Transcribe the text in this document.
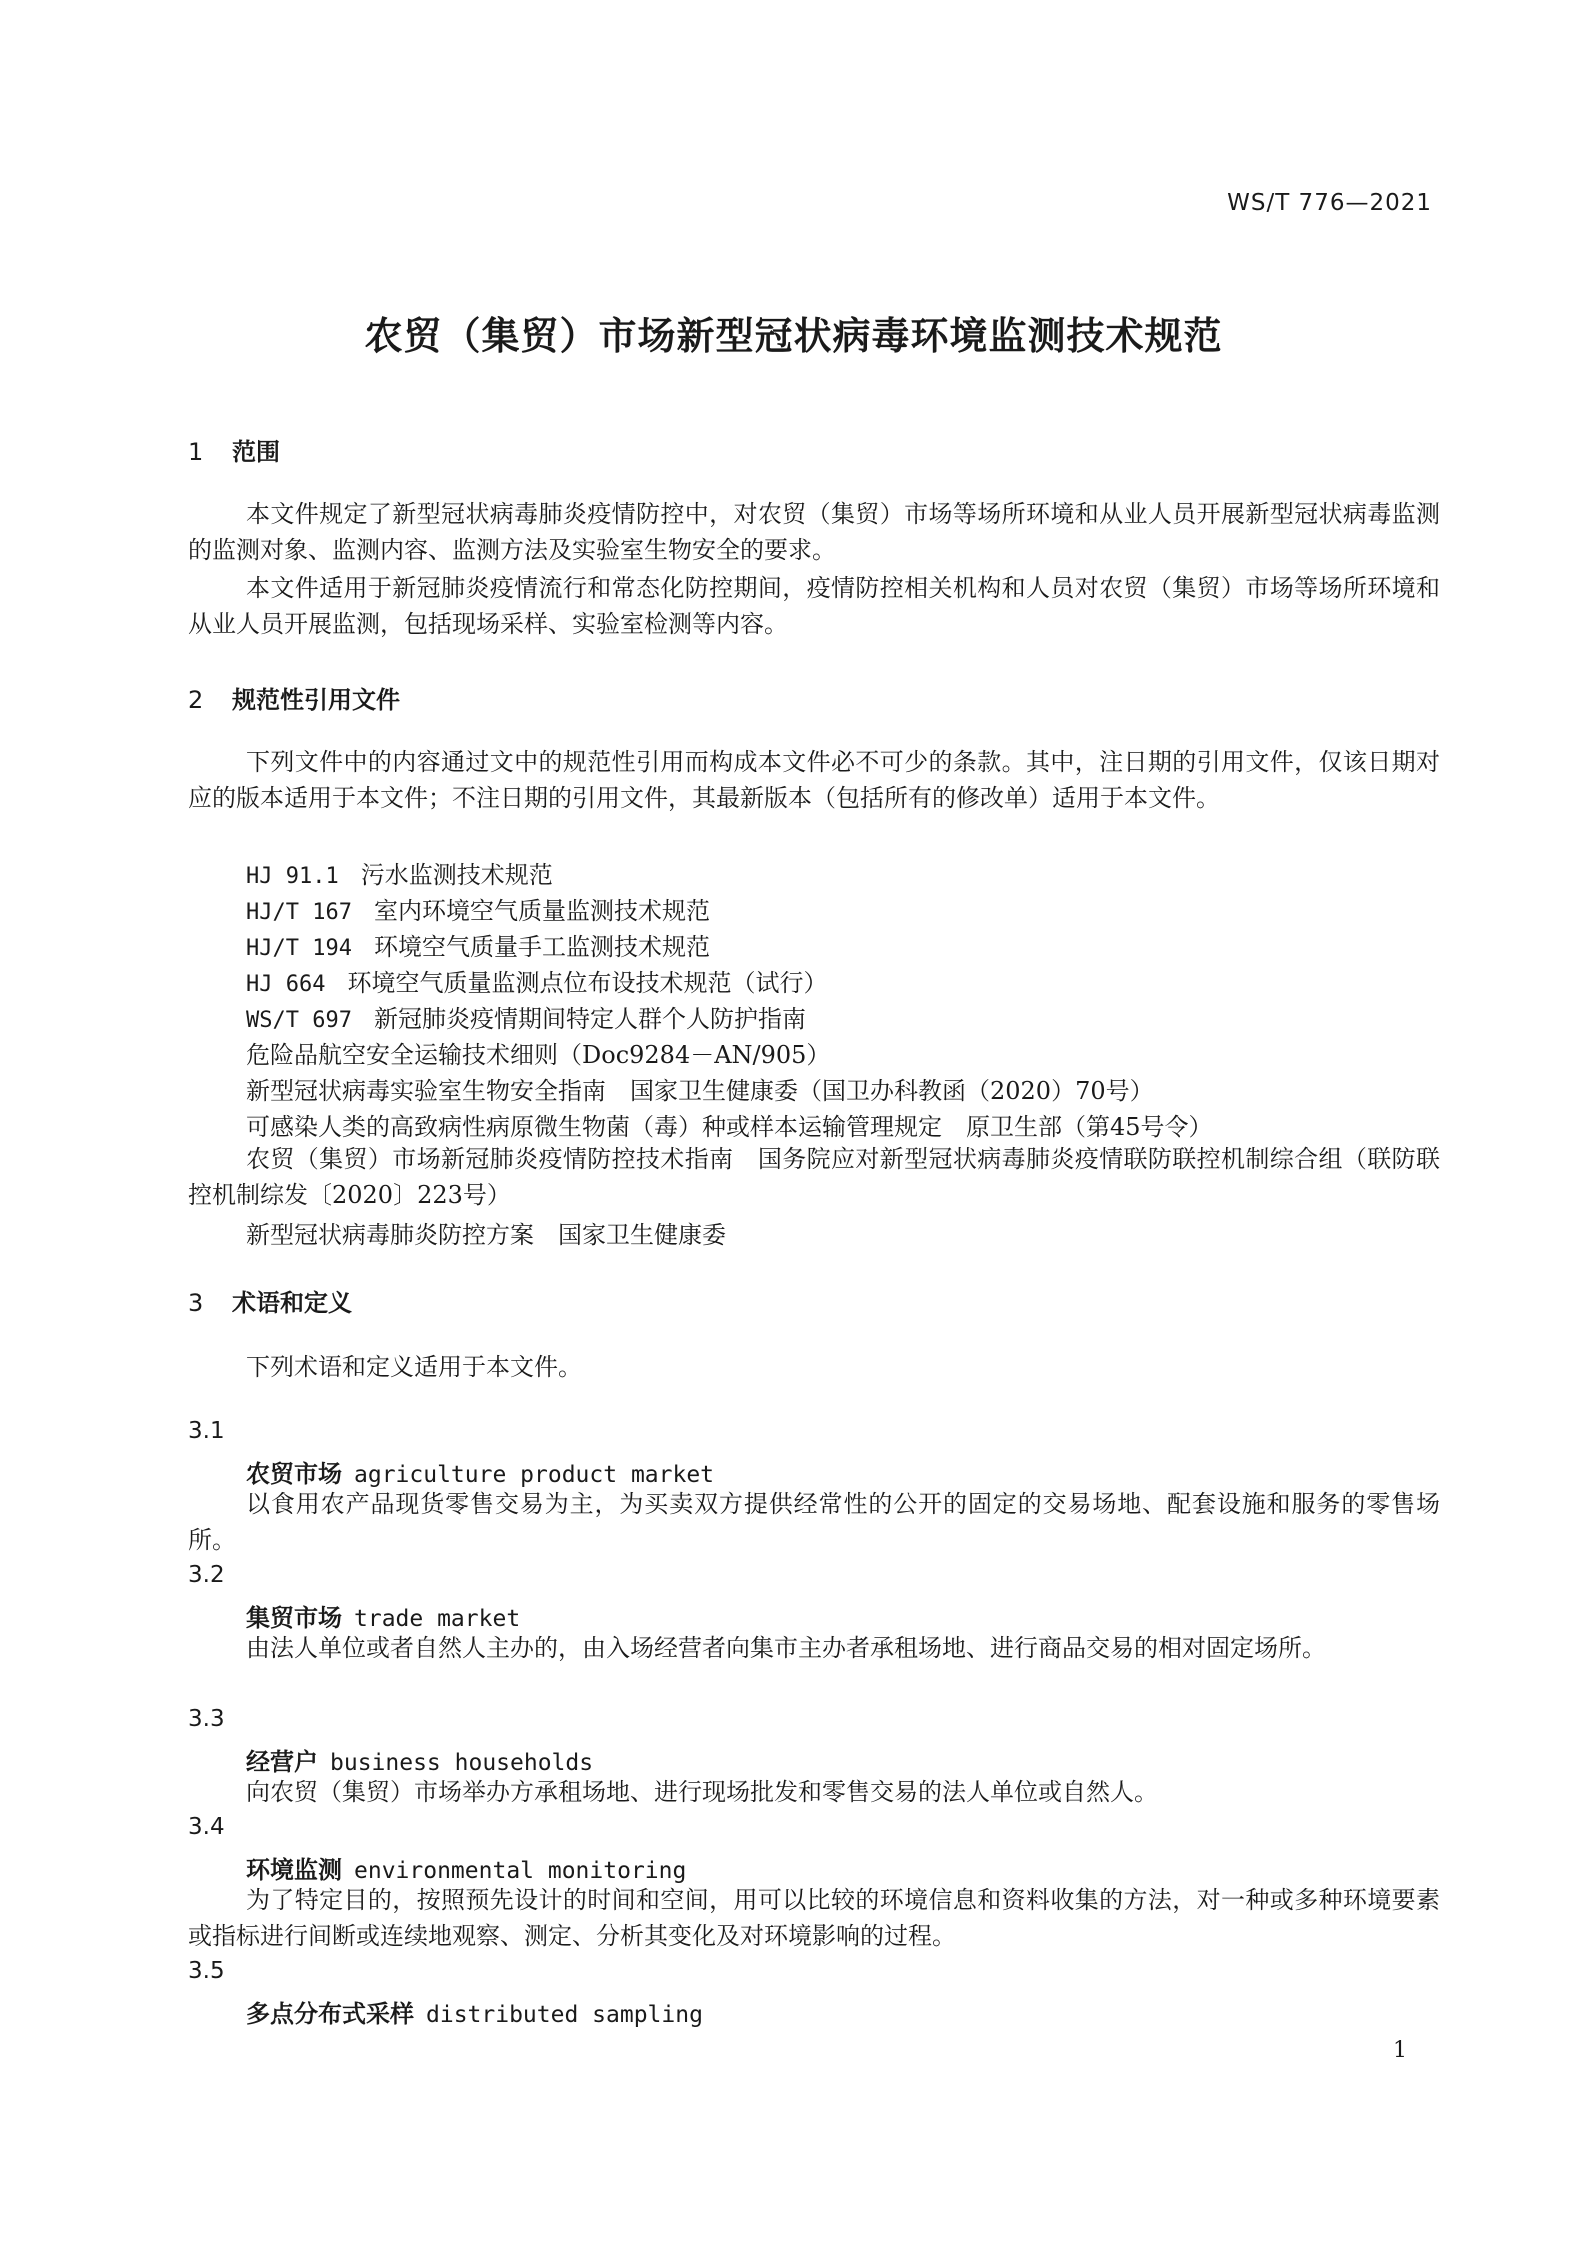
WS/T 776—2021
农贸（集贸）市场新型冠状病毒环境监测技术规范
1 范围

本文件规定了新型冠状病毒肺炎疫情防控中，对农贸（集贸）市场等场所环境和从业人员开展新型冠状病毒监测的监测对象、监测内容、监测方法及实验室生物安全的要求。

本文件适用于新冠肺炎疫情流行和常态化防控期间，疫情防控相关机构和人员对农贸（集贸）市场等场所环境和从业人员开展监测，包括现场采样、实验室检测等内容。

2 规范性引用文件

下列文件中的内容通过文中的规范性引用而构成本文件必不可少的条款。其中，注日期的引用文件，仅该日期对应的版本适用于本文件；不注日期的引用文件，其最新版本（包括所有的修改单）适用于本文件。

HJ 91.1 污水监测技术规范
HJ/T 167 室内环境空气质量监测技术规范
HJ/T 194 环境空气质量手工监测技术规范
HJ 664 环境空气质量监测点位布设技术规范（试行）
WS/T 697 新冠肺炎疫情期间特定人群个人防护指南
危险品航空安全运输技术细则（Doc9284－AN/905）
新型冠状病毒实验室生物安全指南　国家卫生健康委（国卫办科教函（2020）70号）
可感染人类的高致病性病原微生物菌（毒）种或样本运输管理规定　原卫生部（第45号令）

农贸（集贸）市场新冠肺炎疫情防控技术指南　国务院应对新型冠状病毒肺炎疫情联防联控机制综合组（联防联控机制综发〔2020〕223号）

新型冠状病毒肺炎防控方案　国家卫生健康委
3 术语和定义
下列术语和定义适用于本文件。
3.1
农贸市场 agriculture product market

以食用农产品现货零售交易为主，为买卖双方提供经常性的公开的固定的交易场地、配套设施和服务的零售场所。

3.2
集贸市场 trade market

由法人单位或者自然人主办的，由入场经营者向集市主办者承租场地、进行商品交易的相对固定场所。

3.3
经营户 business households

向农贸（集贸）市场举办方承租场地、进行现场批发和零售交易的法人单位或自然人。

3.4
环境监测 environmental monitoring

为了特定目的，按照预先设计的时间和空间，用可以比较的环境信息和资料收集的方法，对一种或多种环境要素或指标进行间断或连续地观察、测定、分析其变化及对环境影响的过程。

3.5
多点分布式采样 distributed sampling
1
